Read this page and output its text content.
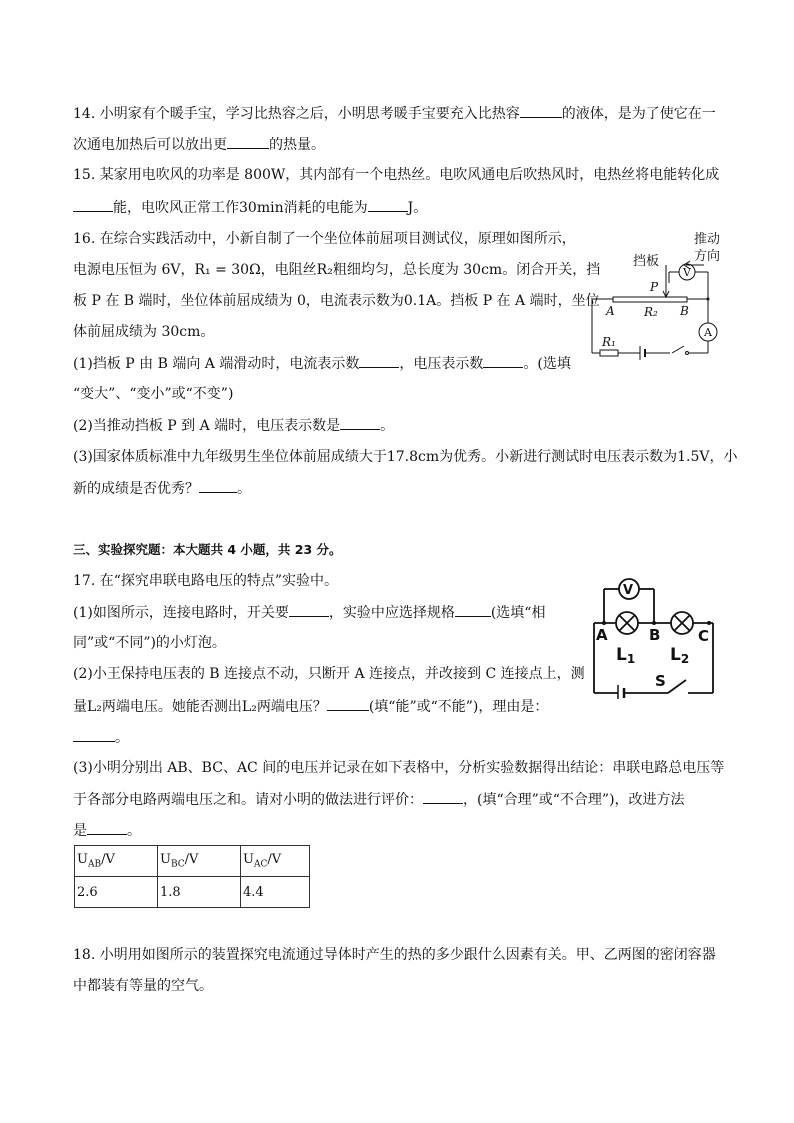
14. 小明家有个暖手宝，学习比热容之后，小明思考暖手宝要充入比热容	的液体，是为了使它在一
次通电加热后可以放出更	的热量。
15. 某家用电吹风的功率是 800W，其内部有一个电热丝。电吹风通电后吹热风时，电热丝将电能转化成
能，电吹风正常工作30min消耗的电能为	J。
16. 在综合实践活动中，小新自制了一个坐位体前屈项目测试仪，原理如图所示，
电源电压恒为 6V，R₁ = 30Ω，电阻丝R₂粗细均匀，总长度为 30cm。闭合开关，挡
板 P 在 B 端时，坐位体前屈成绩为 0，电流表示数为0.1A。挡板 P 在 A 端时，坐位
体前屈成绩为 30cm。
(1)挡板 P 由 B 端向 A 端滑动时，电流表示数	，电压表示数	。(选填
“变大”、“变小”或“不变”)
(2)当推动挡板 P 到 A 端时，电压表示数是	。
(3)国家体质标准中九年级男生坐位体前屈成绩大于17.8cm为优秀。小新进行测试时电压表示数为1.5V，小
新的成绩是否优秀？	。
推动
方向
挡板
V
A
P
A	B
R₂
R₁
三、实验探究题：本大题共 4 小题，共 23 分。
17. 在“探究串联电路电压的特点”实验中。
(1)如图所示，连接电路时，开关要	，实验中应选择规格	(选填“相
同”或“不同”)的小灯泡。
(2)小王保持电压表的 B 连接点不动，只断开 A 连接点，并改接到 C 连接点上，测
量L₂两端电压。她能否测出L₂两端电压？	(填“能”或“不能”)，理由是：
。
(3)小明分别出 AB、BC、AC 间的电压并记录在如下表格中，分析实验数据得出结论：串联电路总电压等
于各部分电路两端电压之和。请对小明的做法进行评价：	，(填“合理”或“不合理”)，改进方法
是	。
$U_{AB}/V$	$U_{BC}/V$	$U_{AC}/V$
2.6	1.8	4.4
V
A	B	C
L1 L2
S
18. 小明用如图所示的装置探究电流通过导体时产生的热的多少跟什么因素有关。甲、乙两图的密闭容器
中都装有等量的空气。
